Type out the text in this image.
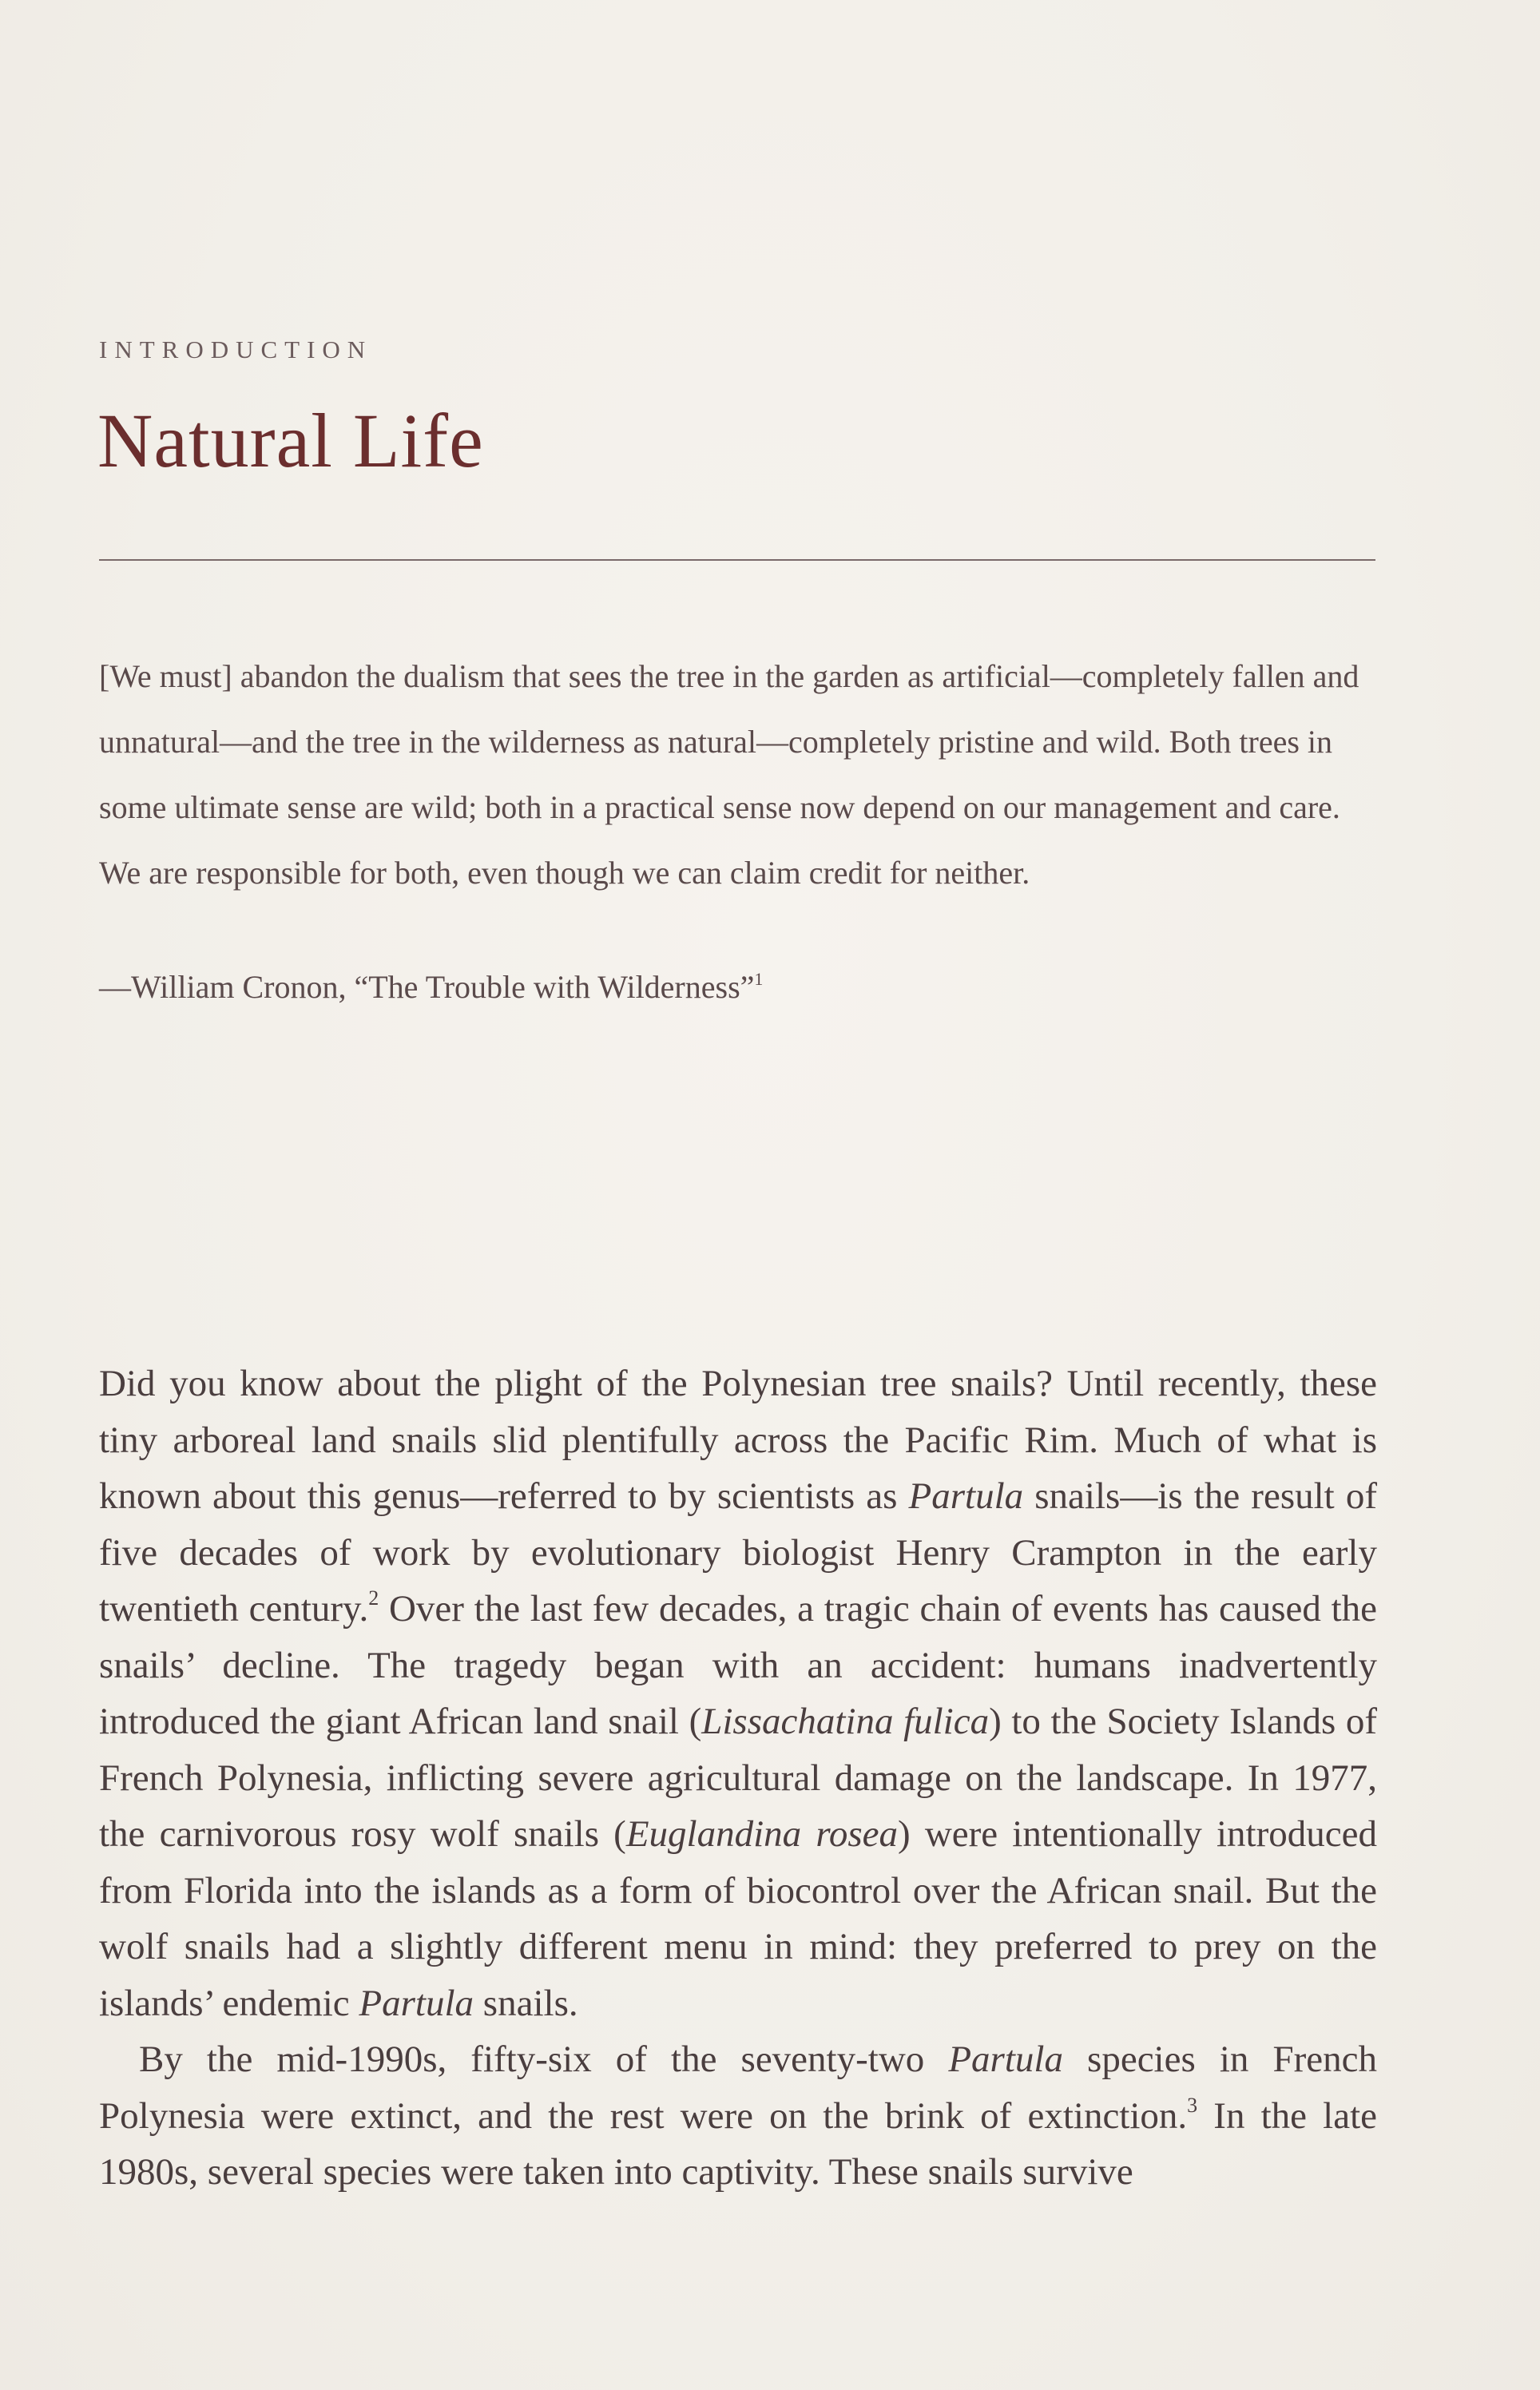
INTRODUCTION
Natural Life

[We must] abandon the dualism that sees the tree in the garden as artificial—completely fallen and unnatural—and the tree in the wilderness as natural—completely pristine and wild. Both trees in some ultimate sense are wild; both in a practical sense now depend on our management and care. We are responsible for both, even though we can claim credit for neither.

—William Cronon, “The Trouble with Wilderness”$^1$

Did you know about the plight of the Polynesian tree snails? Until recently, these tiny arboreal land snails slid plentifully across the Pacific Rim. Much of what is known about this genus—referred to by scientists as Partula snails—is the result of five decades of work by evolutionary biologist Henry Crampton in the early twentieth century.$^2$ Over the last few decades, a tragic chain of events has caused the snails’ decline. The tragedy began with an accident: humans inadvertently introduced the giant African land snail (Lissachatina fulica) to the Society Islands of French Polynesia, inflicting severe agricultural damage on the landscape. In 1977, the carnivorous rosy wolf snails (Euglandina rosea) were intentionally introduced from Florida into the islands as a form of biocontrol over the African snail. But the wolf snails had a slightly different menu in mind: they preferred to prey on the islands’ endemic Partula snails.

By the mid-1990s, fifty-six of the seventy-two Partula species in French Polynesia were extinct, and the rest were on the brink of extinction.$^3$ In the late 1980s, several species were taken into captivity. These snails survive
